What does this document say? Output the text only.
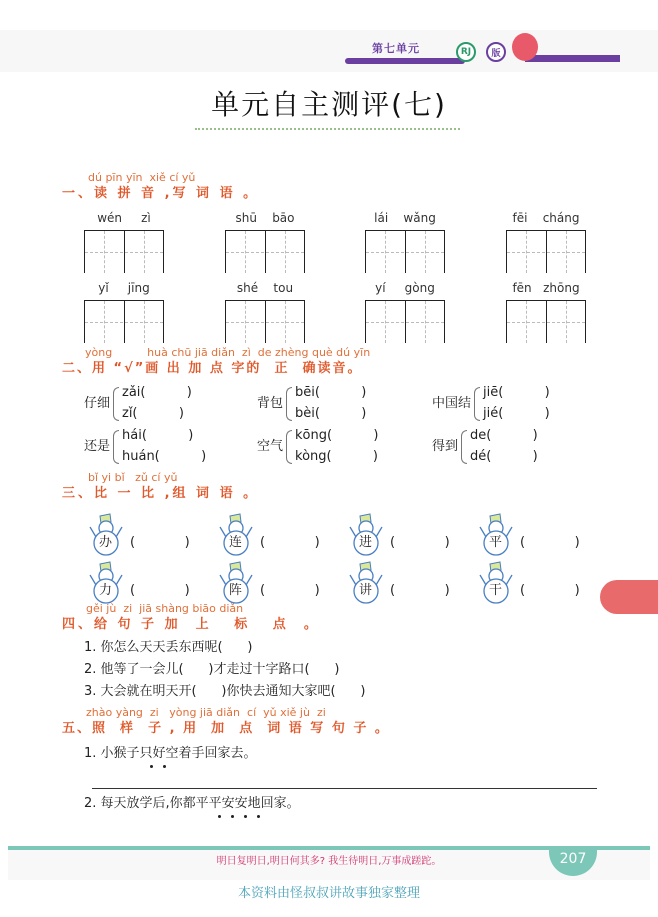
第七单元	RJ	版
单元自主测评(七)
dú pīn yīn  xiě cí yǔ
一、读 拼 音 ,写 词 语 。
wén     zì	shū    bāo	lái    wǎng	fēi    cháng
yǐ     jīng	shé    tou	yí     gòng	fēn   zhōng
yòng          huà chū jiā diǎn  zì  de zhèng què dú yīn
二、用 “√”画 出 加 点 字的  正  确读音。
仔细
zǎi(          )
zǐ(          )
背包
bēi(          )
bèi(          )
中国结
jiē(          )
jié(          )
还是
hái(          )
huán(          )
空气
kōng(          )
kòng(          )
得到
de(          )
dé(          )
bǐ yi bǐ   zǔ cí yǔ
三、比 一 比 ,组 词 语 。
办 (            )	连 (            )	进 (            )	平 (            )
力 (            )	阵 (            )	讲 (            )	干 (            )
gěi jù  zi  jiā shàng biāo diǎn
四、给 句 子 加  上   标   点  。
1. 你怎么天天丢东西呢(      )
2. 他等了一会儿(      )才走过十字路口(      )
3. 大会就在明天开(      )你快去通知大家吧(      )
zhào yàng  zi   yòng jiā diǎn  cí  yǔ xiě jù  zi
五、照  样  子 , 用  加  点  词 语 写 句 子 。
1. 小猴子只好空着手回家去。
2. 每天放学后,你都平平安安地回家。
明日复明日,明日何其多? 我生待明日,万事成蹉跎。	207
本资料由怪叔叔讲故事独家整理
